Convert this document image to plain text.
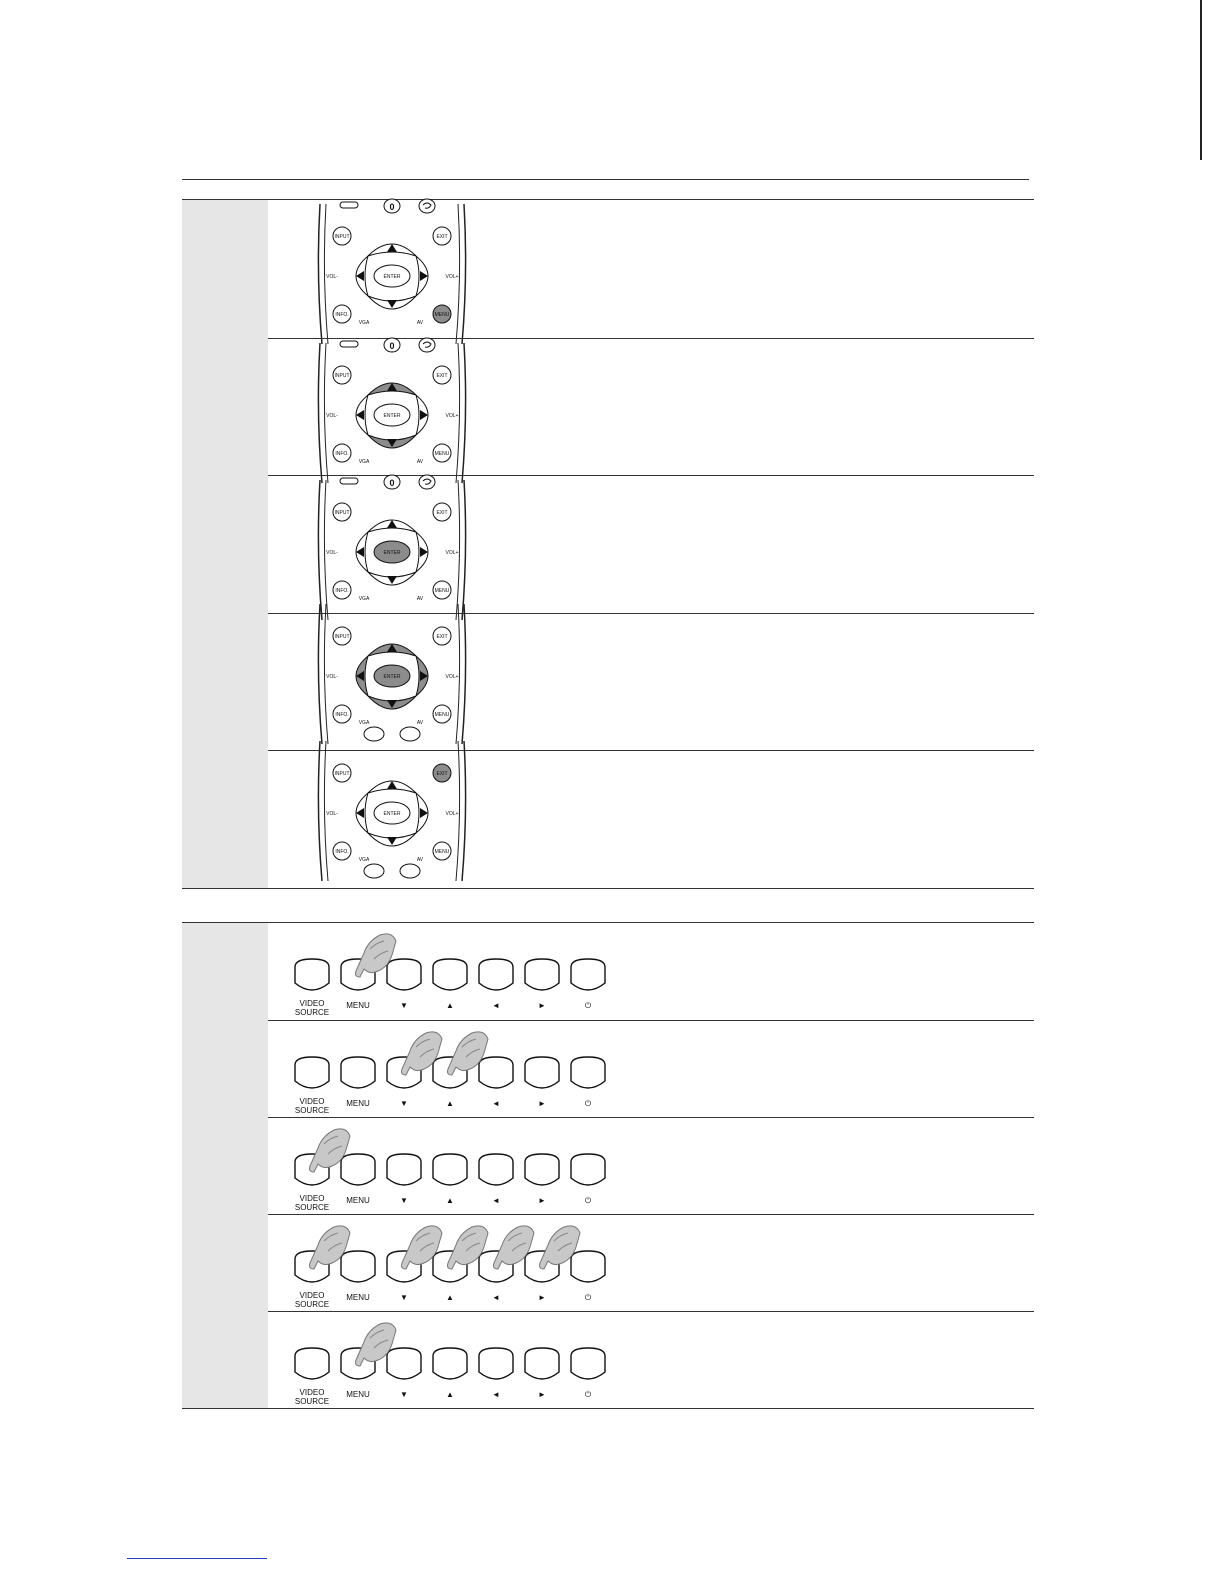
0
INPUT	EXIT
ENTER
VOL-	VOL+
INFO.	MENU
VGA	AV
0
INPUT	EXIT
ENTER
VOL-	VOL+
INFO.	MENU
VGA	AV
0
INPUT	EXIT
ENTER
VOL-	VOL+
INFO.	MENU
VGA	AV
INPUT	EXIT
ENTER
VOL-	VOL+
INFO.	MENU
VGA	AV
INPUT	EXIT
ENTER
VOL-	VOL+
INFO.	MENU
VGA	AV
VIDEO
SOURCE
MENU	▼	▲	◄	►	⏻
VIDEO
SOURCE
MENU	▼	▲	◄	►	⏻
VIDEO
SOURCE
MENU	▼	▲	◄	►	⏻
VIDEO
SOURCE
MENU	▼	▲	◄	►	⏻
VIDEO
SOURCE
MENU	▼	▲	◄	►	⏻
